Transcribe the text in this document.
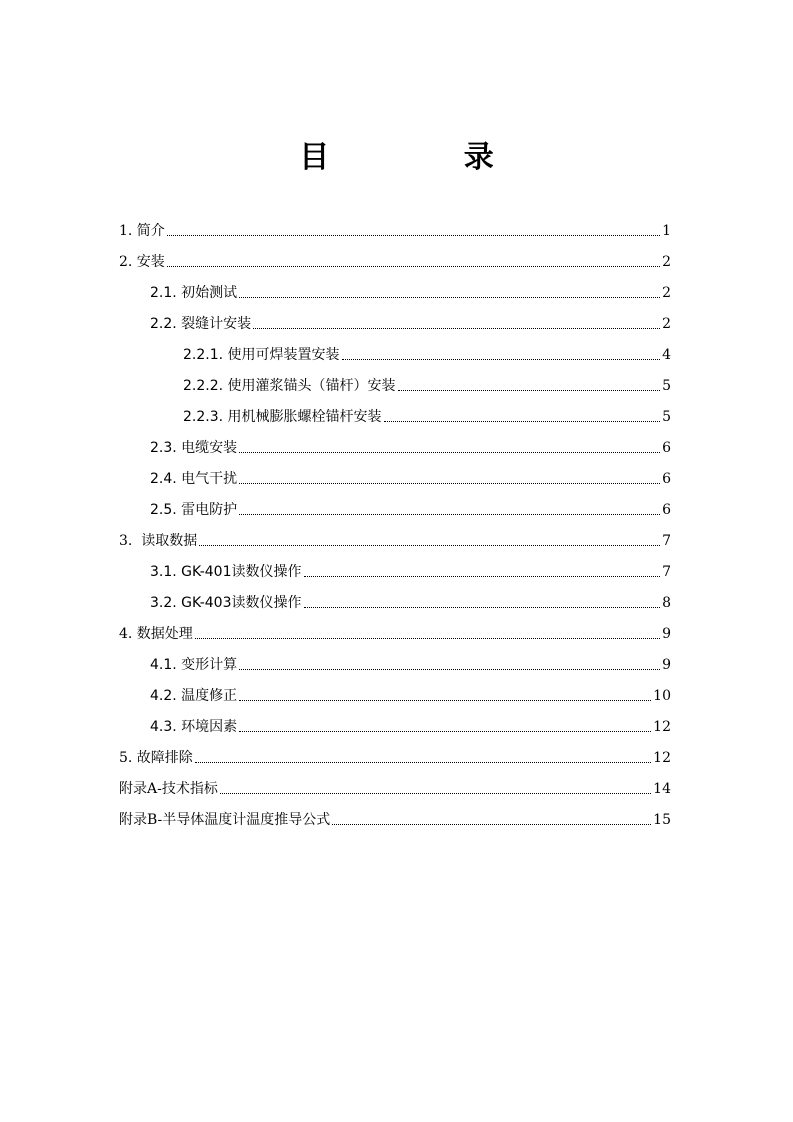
目 录
1. 简介	1
2. 安装	2
2.1. 初始测试	2
2.2. 裂缝计安装	2
2.2.1. 使用可焊装置安装	4
2.2.2. 使用灌浆锚头（锚杆）安装	5
2.2.3. 用机械膨胀螺栓锚杆安装	5
2.3. 电缆安装	6
2.4. 电气干扰	6
2.5. 雷电防护	6
3.  读取数据	7
3.1. GK-401读数仪操作	7
3.2. GK-403读数仪操作	8
4. 数据处理	9
4.1. 变形计算	9
4.2. 温度修正	10
4.3. 环境因素	12
5. 故障排除	12
附录A-技术指标	14
附录B-半导体温度计温度推导公式	15
